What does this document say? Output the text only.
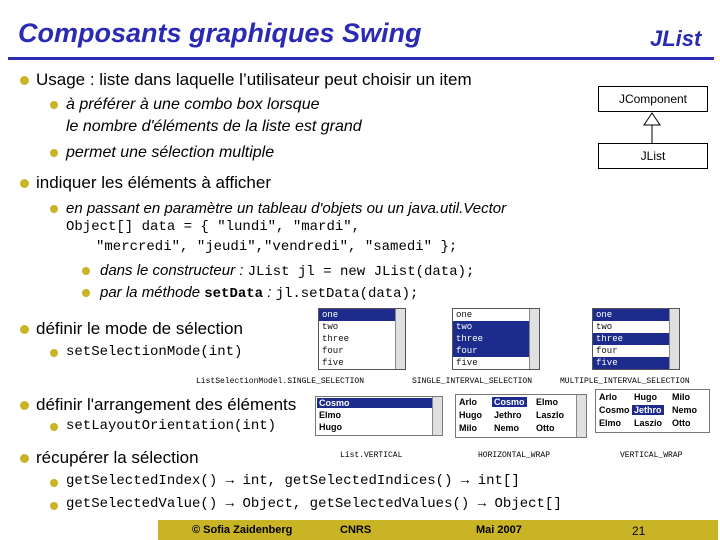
Composants graphiques Swing	JList
JComponent
JList
Usage : liste dans laquelle l’utilisateur peut choisir un item
à préférer à une combo box lorsque
le nombre d'éléments de la liste est grand
permet une sélection multiple
indiquer les éléments à afficher
en passant en paramètre un tableau d'objets ou un java.util.Vector
Object[] data = { "lundi", "mardi",
"mercredi", "jeudi","vendredi", "samedi" };
dans le constructeur : JList jl = new JList(data);
par la méthode setData : jl.setData(data);
définir le mode de sélection
setSelectionMode(int)
one
two
three
four
five
one
two
three
four
five
one
two
three
four
five
ListSelectionModel.SINGLE_SELECTION	SINGLE_INTERVAL_SELECTION	MULTIPLE_INTERVAL_SELECTION
définir l'arrangement des éléments
setLayoutOrientation(int)
Cosmo
Elmo
Hugo
Arlo Cosmo Elmo
Hugo Jethro Laszlo
Milo Nemo Otto
Arlo Hugo Milo
Cosmo Jethro Nemo
Elmo Laszio Otto
List.VERTICAL	HORIZONTAL_WRAP	VERTICAL_WRAP
récupérer la sélection
getSelectedIndex() → int, getSelectedIndices() → int[]
getSelectedValue() → Object, getSelectedValues() → Object[]
© Sofia Zaidenberg	CNRS	Mai 2007	21
